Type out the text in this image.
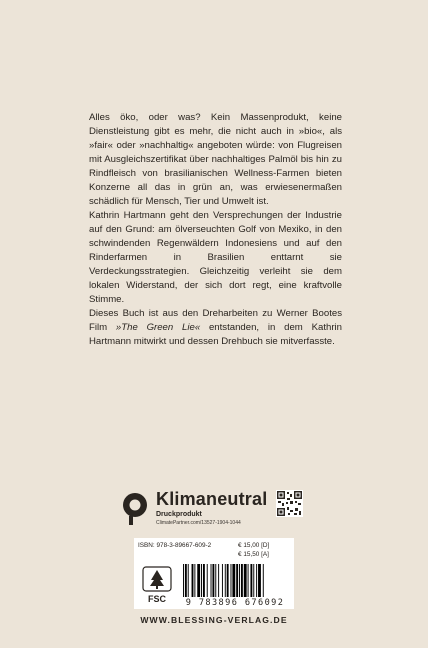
Alles öko, oder was? Kein Massenprodukt, keine Dienstleistung gibt es mehr, die nicht auch in »bio«, als »fair« oder »nachhaltig« angeboten würde: von Flugreisen mit Ausgleichszertifikat über nachhaltiges Palmöl bis hin zu Rindfleisch von brasilianischen Wellness-Farmen bieten Konzerne all das in grün an, was erwiesenermaßen schädlich für Mensch, Tier und Umwelt ist.

Kathrin Hartmann geht den Versprechungen der Industrie auf den Grund: am ölverseuchten Golf von Mexiko, in den schwindenden Regenwäldern Indonesiens und auf den Rinderfarmen in Brasilien enttarnt sie Verdeckungsstrategien. Gleichzeitig verleiht sie dem lokalen Widerstand, der sich dort regt, eine kraftvolle Stimme.

Dieses Buch ist aus den Dreharbeiten zu Werner Bootes Film »The Green Lie« entstanden, in dem Kathrin Hartmann mitwirkt und dessen Drehbuch sie mitverfasste.

Klimaneutral
Druckprodukt
ClimatePartner.com/13527-1904-1044
ISBN: 978-3-89667-609-2	€ 15,00 [D]
€ 15,50 [A]
FSC	9 783896 676092
WWW.BLESSING-VERLAG.DE
